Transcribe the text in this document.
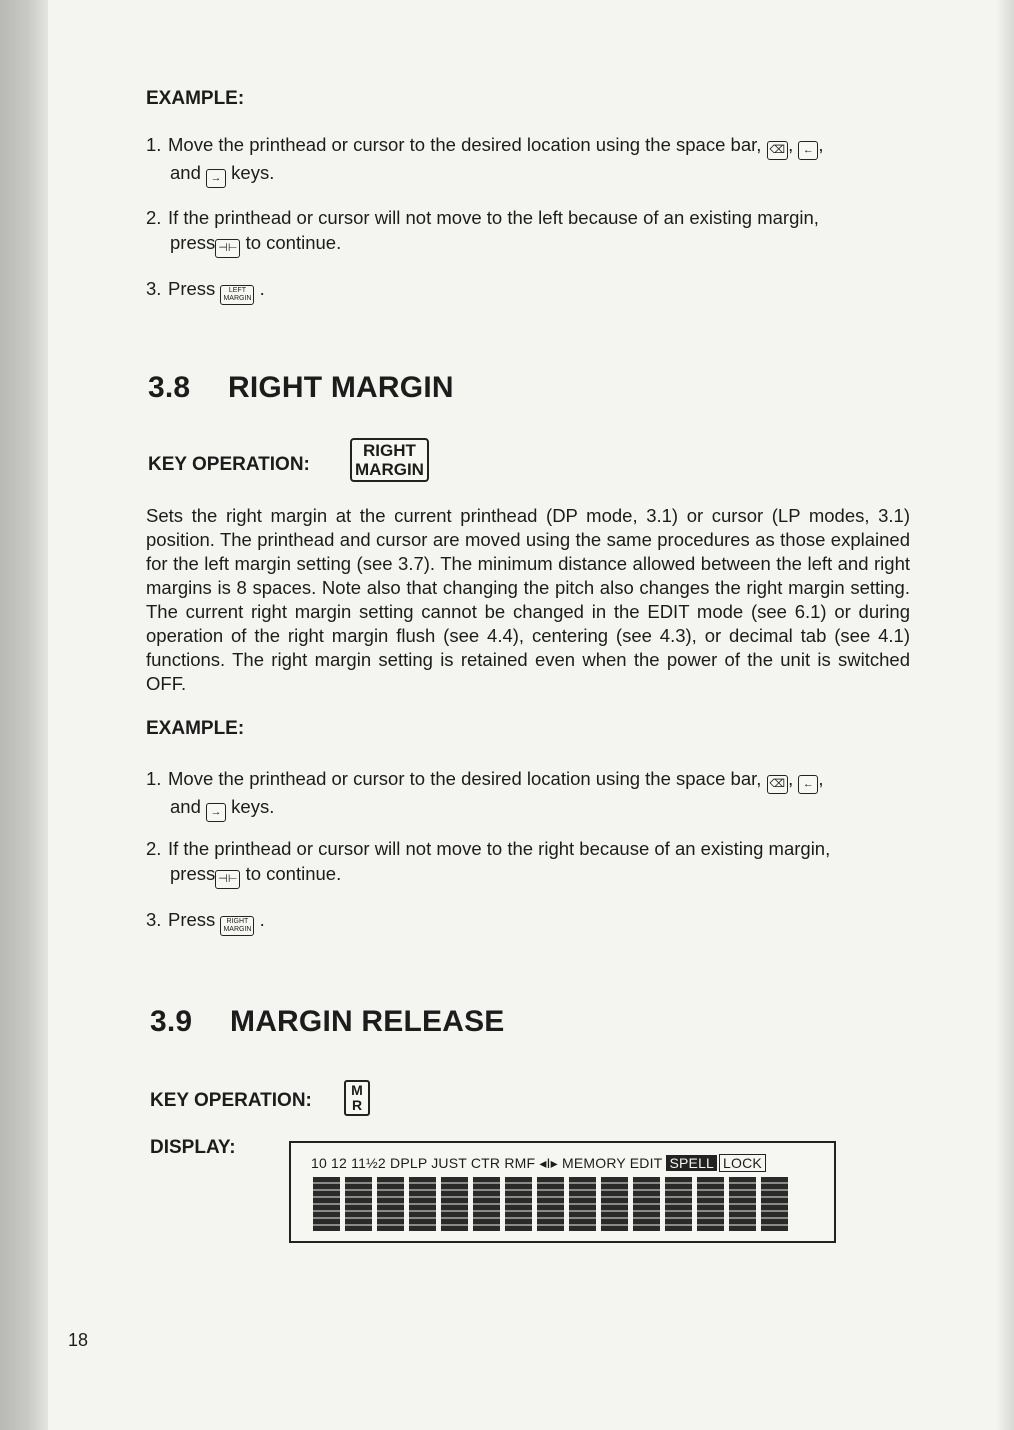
EXAMPLE:
1. Move the printhead or cursor to the desired location using the space bar, ⌫ , ← ,
and → keys.
2. If the printhead or cursor will not move to the left because of an existing margin,
press ⊣⊢ to continue.
3. Press LEFT
MARGIN .
3.8 RIGHT MARGIN
KEY OPERATION:
RIGHT
MARGIN
Sets the right margin at the current printhead (DP mode, 3.1) or cursor (LP modes, 3.1) position. The printhead and cursor are moved using the same procedures as those explained for the left margin setting (see 3.7). The minimum distance allowed between the left and right margins is 8 spaces. Note also that changing the pitch also changes the right margin setting. The current right margin setting cannot be changed in the EDIT mode (see 6.1) or during operation of the right margin flush (see 4.4), centering (see 4.3), or decimal tab (see 4.1) functions. The right margin setting is retained even when the power of the unit is switched OFF.
EXAMPLE:
1. Move the printhead or cursor to the desired location using the space bar, ⌫ , ← ,
and → keys.
2. If the printhead or cursor will not move to the right because of an existing margin,
press ⊣⊢ to continue.
3. Press RIGHT
MARGIN .
3.9 MARGIN RELEASE
KEY OPERATION:	M
R
DISPLAY:
10 12 11½2 DPLP JUST CTR RMF ◂I▸ MEMORY EDIT SPELL LOCK
18
